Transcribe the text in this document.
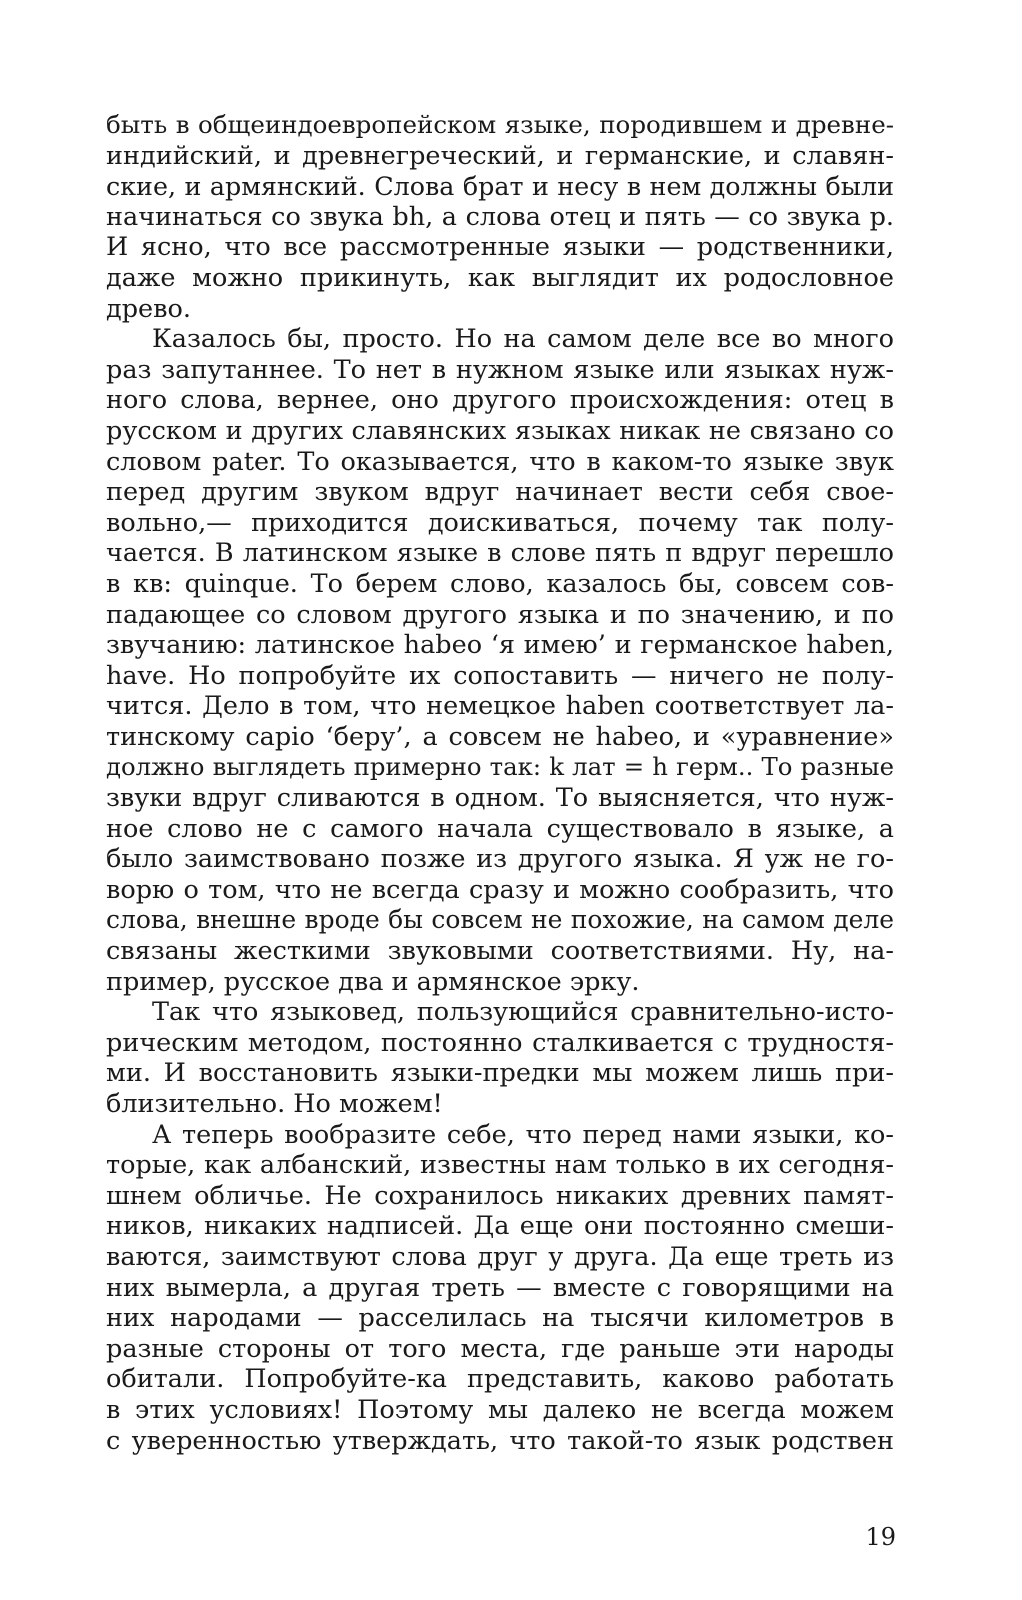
быть в общеиндоевропейском языке, породившем и древне-
индийский, и древнегреческий, и германские, и славян-
ские, и армянский. Слова брат и несу в нем должны были
начинаться со звука bh, а слова отец и пять — со звука р.
И ясно, что все рассмотренные языки — родственники,
даже можно прикинуть, как выглядит их родословное
древо.
Казалось бы, просто. Но на самом деле все во много
раз запутаннее. То нет в нужном языке или языках нуж-
ного слова, вернее, оно другого происхождения: отец в
русском и других славянских языках никак не связано со
словом pater. То оказывается, что в каком-то языке звук
перед другим звуком вдруг начинает вести себя свое-
вольно,— приходится доискиваться, почему так полу-
чается. В латинском языке в слове пять п вдруг перешло
в кв: quinque. То берем слово, казалось бы, совсем сов-
падающее со словом другого языка и по значению, и по
звучанию: латинское habeo ‘я имею’ и германское haben,
have. Но попробуйте их сопоставить — ничего не полу-
чится. Дело в том, что немецкое haben соответствует ла-
тинскому capio ‘беру’, а совсем не habeo, и «уравнение»
должно выглядеть примерно так: k лат = h герм.. То разные
звуки вдруг сливаются в одном. То выясняется, что нуж-
ное слово не с самого начала существовало в языке, а
было заимствовано позже из другого языка. Я уж не го-
ворю о том, что не всегда сразу и можно сообразить, что
слова, внешне вроде бы совсем не похожие, на самом деле
связаны жесткими звуковыми соответствиями. Ну, на-
пример, русское два и армянское эрку.
Так что языковед, пользующийся сравнительно-исто-
рическим методом, постоянно сталкивается с трудностя-
ми. И восстановить языки-предки мы можем лишь при-
близительно. Но можем!
А теперь вообразите себе, что перед нами языки, ко-
торые, как албанский, известны нам только в их сегодня-
шнем обличье. Не сохранилось никаких древних памят-
ников, никаких надписей. Да еще они постоянно смеши-
ваются, заимствуют слова друг у друга. Да еще треть из
них вымерла, а другая треть — вместе с говорящими на
них народами — расселилась на тысячи километров в
разные стороны от того места, где раньше эти народы
обитали. Попробуйте-ка представить, каково работать
в этих условиях! Поэтому мы далеко не всегда можем
с уверенностью утверждать, что такой-то язык родствен
19
